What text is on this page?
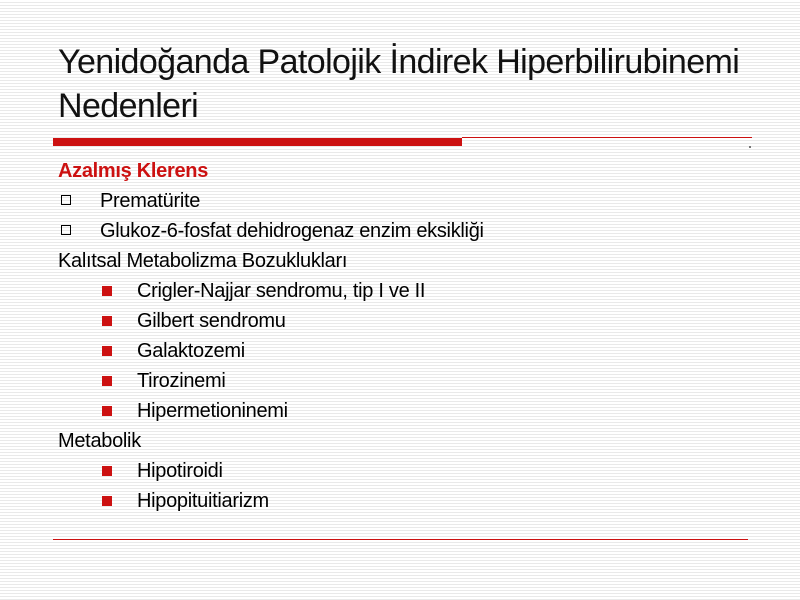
Yenidoğanda Patolojik İndirek Hiperbilirubinemi
Nedenleri
Azalmış Klerens
Prematürite
Glukoz-6-fosfat dehidrogenaz enzim eksikliği
Kalıtsal Metabolizma Bozuklukları
Crigler-Najjar sendromu, tip I ve II
Gilbert sendromu
Galaktozemi
Tirozinemi
Hipermetioninemi
Metabolik
Hipotiroidi
Hipopituitiarizm
